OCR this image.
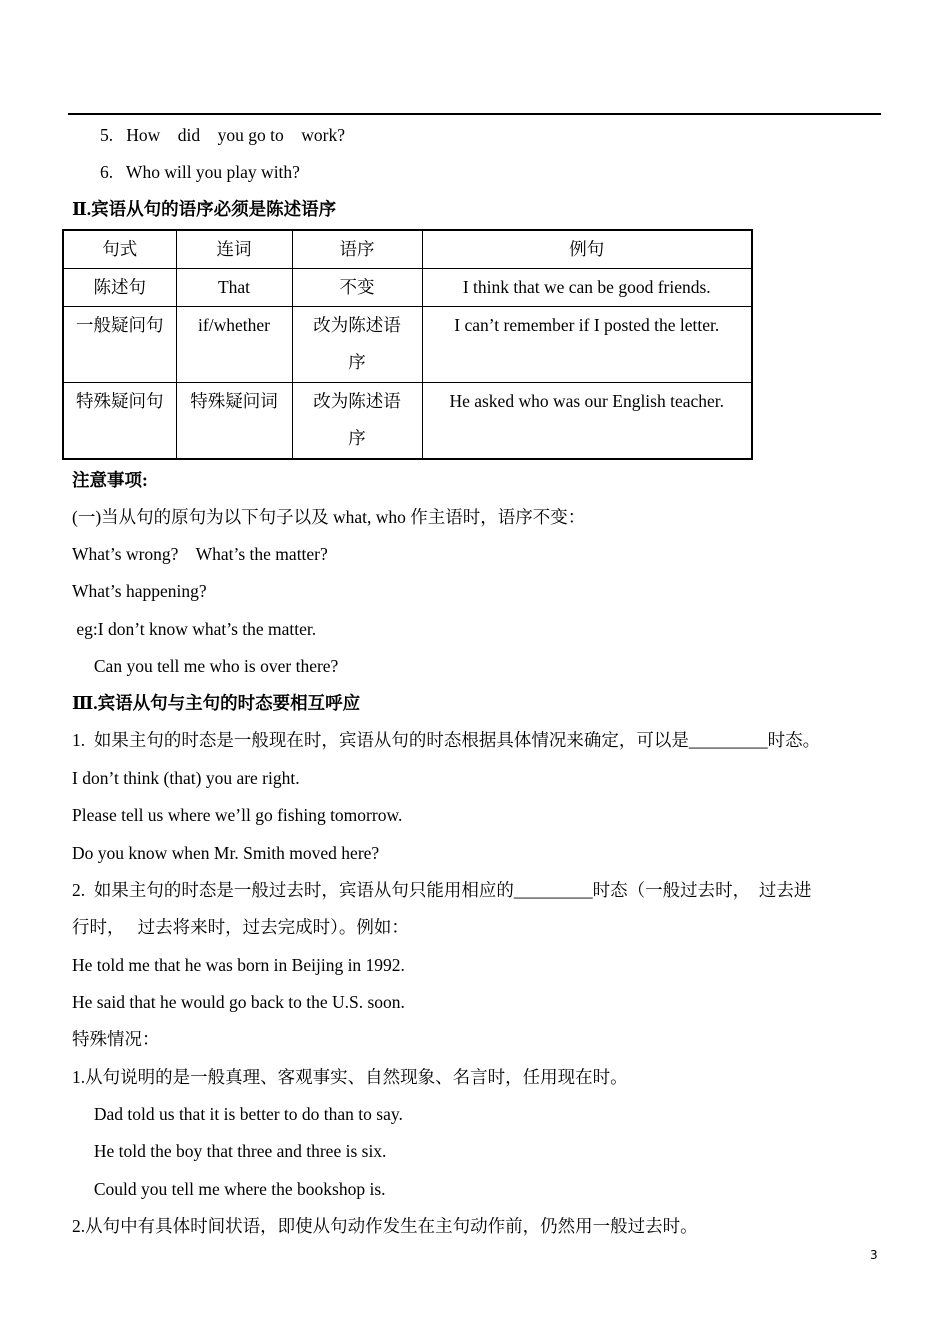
5.   How    did    you go to    work?
6.   Who will you play with?
Ⅱ.宾语从句的语序必须是陈述语序
句式	连词	语序	例句
陈述句	That	不变	I think that we can be good friends.
一般疑问句	if/whether	改为陈述语序	I can’t remember if I posted the letter.
特殊疑问句	特殊疑问词	改为陈述语序	He asked who was our English teacher.
注意事项:
(一)当从句的原句为以下句子以及 what, who 作主语时，语序不变：
What’s wrong?    What’s the matter?
What’s happening?
eg:I don’t know what’s the matter.
Can you tell me who is over there?
Ⅲ.宾语从句与主句的时态要相互呼应
1.  如果主句的时态是一般现在时，宾语从句的时态根据具体情况来确定，可以是_________时态。
I don’t think (that) you are right.
Please tell us where we’ll go fishing tomorrow.
Do you know when Mr. Smith moved here?
2.  如果主句的时态是一般过去时，宾语从句只能用相应的_________时态（一般过去时，  过去进
行时，   过去将来时，过去完成时）。例如：
He told me that he was born in Beijing in 1992.
He said that he would go back to the U.S. soon.
特殊情况：
1.从句说明的是一般真理、客观事实、自然现象、名言时，任用现在时。
Dad told us that it is better to do than to say.
He told the boy that three and three is six.
Could you tell me where the bookshop is.
2.从句中有具体时间状语，即使从句动作发生在主句动作前，仍然用一般过去时。
3
